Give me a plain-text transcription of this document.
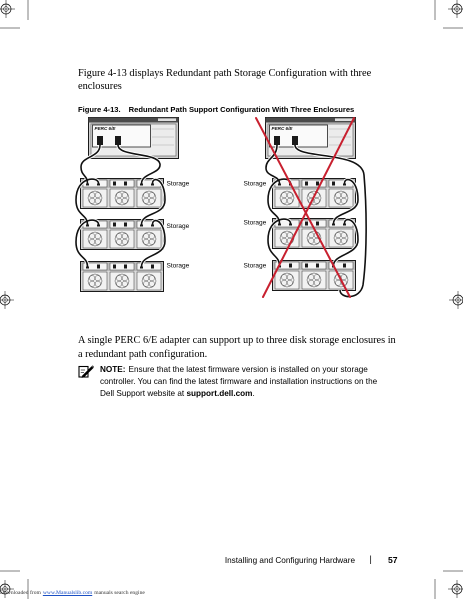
PERC 6/E
Storage
Storage
Storage
PERC 6/E
Storage
Storage
Storage
Figure 4-13 displays Redundant path Storage Configuration with three
enclosures
Figure 4-13. Redundant Path Support Configuration With Three Enclosures
A single PERC 6/E adapter can support up to three disk storage enclosures in
a redundant path configuration.
NOTE: Ensure that the latest firmware version is installed on your storage
controller. You can find the latest firmware and installation instructions on the
Dell Support website at support.dell.com.
Installing and Configuring Hardware | 57
Downloaded from www.Manualslib.com manuals search engine
